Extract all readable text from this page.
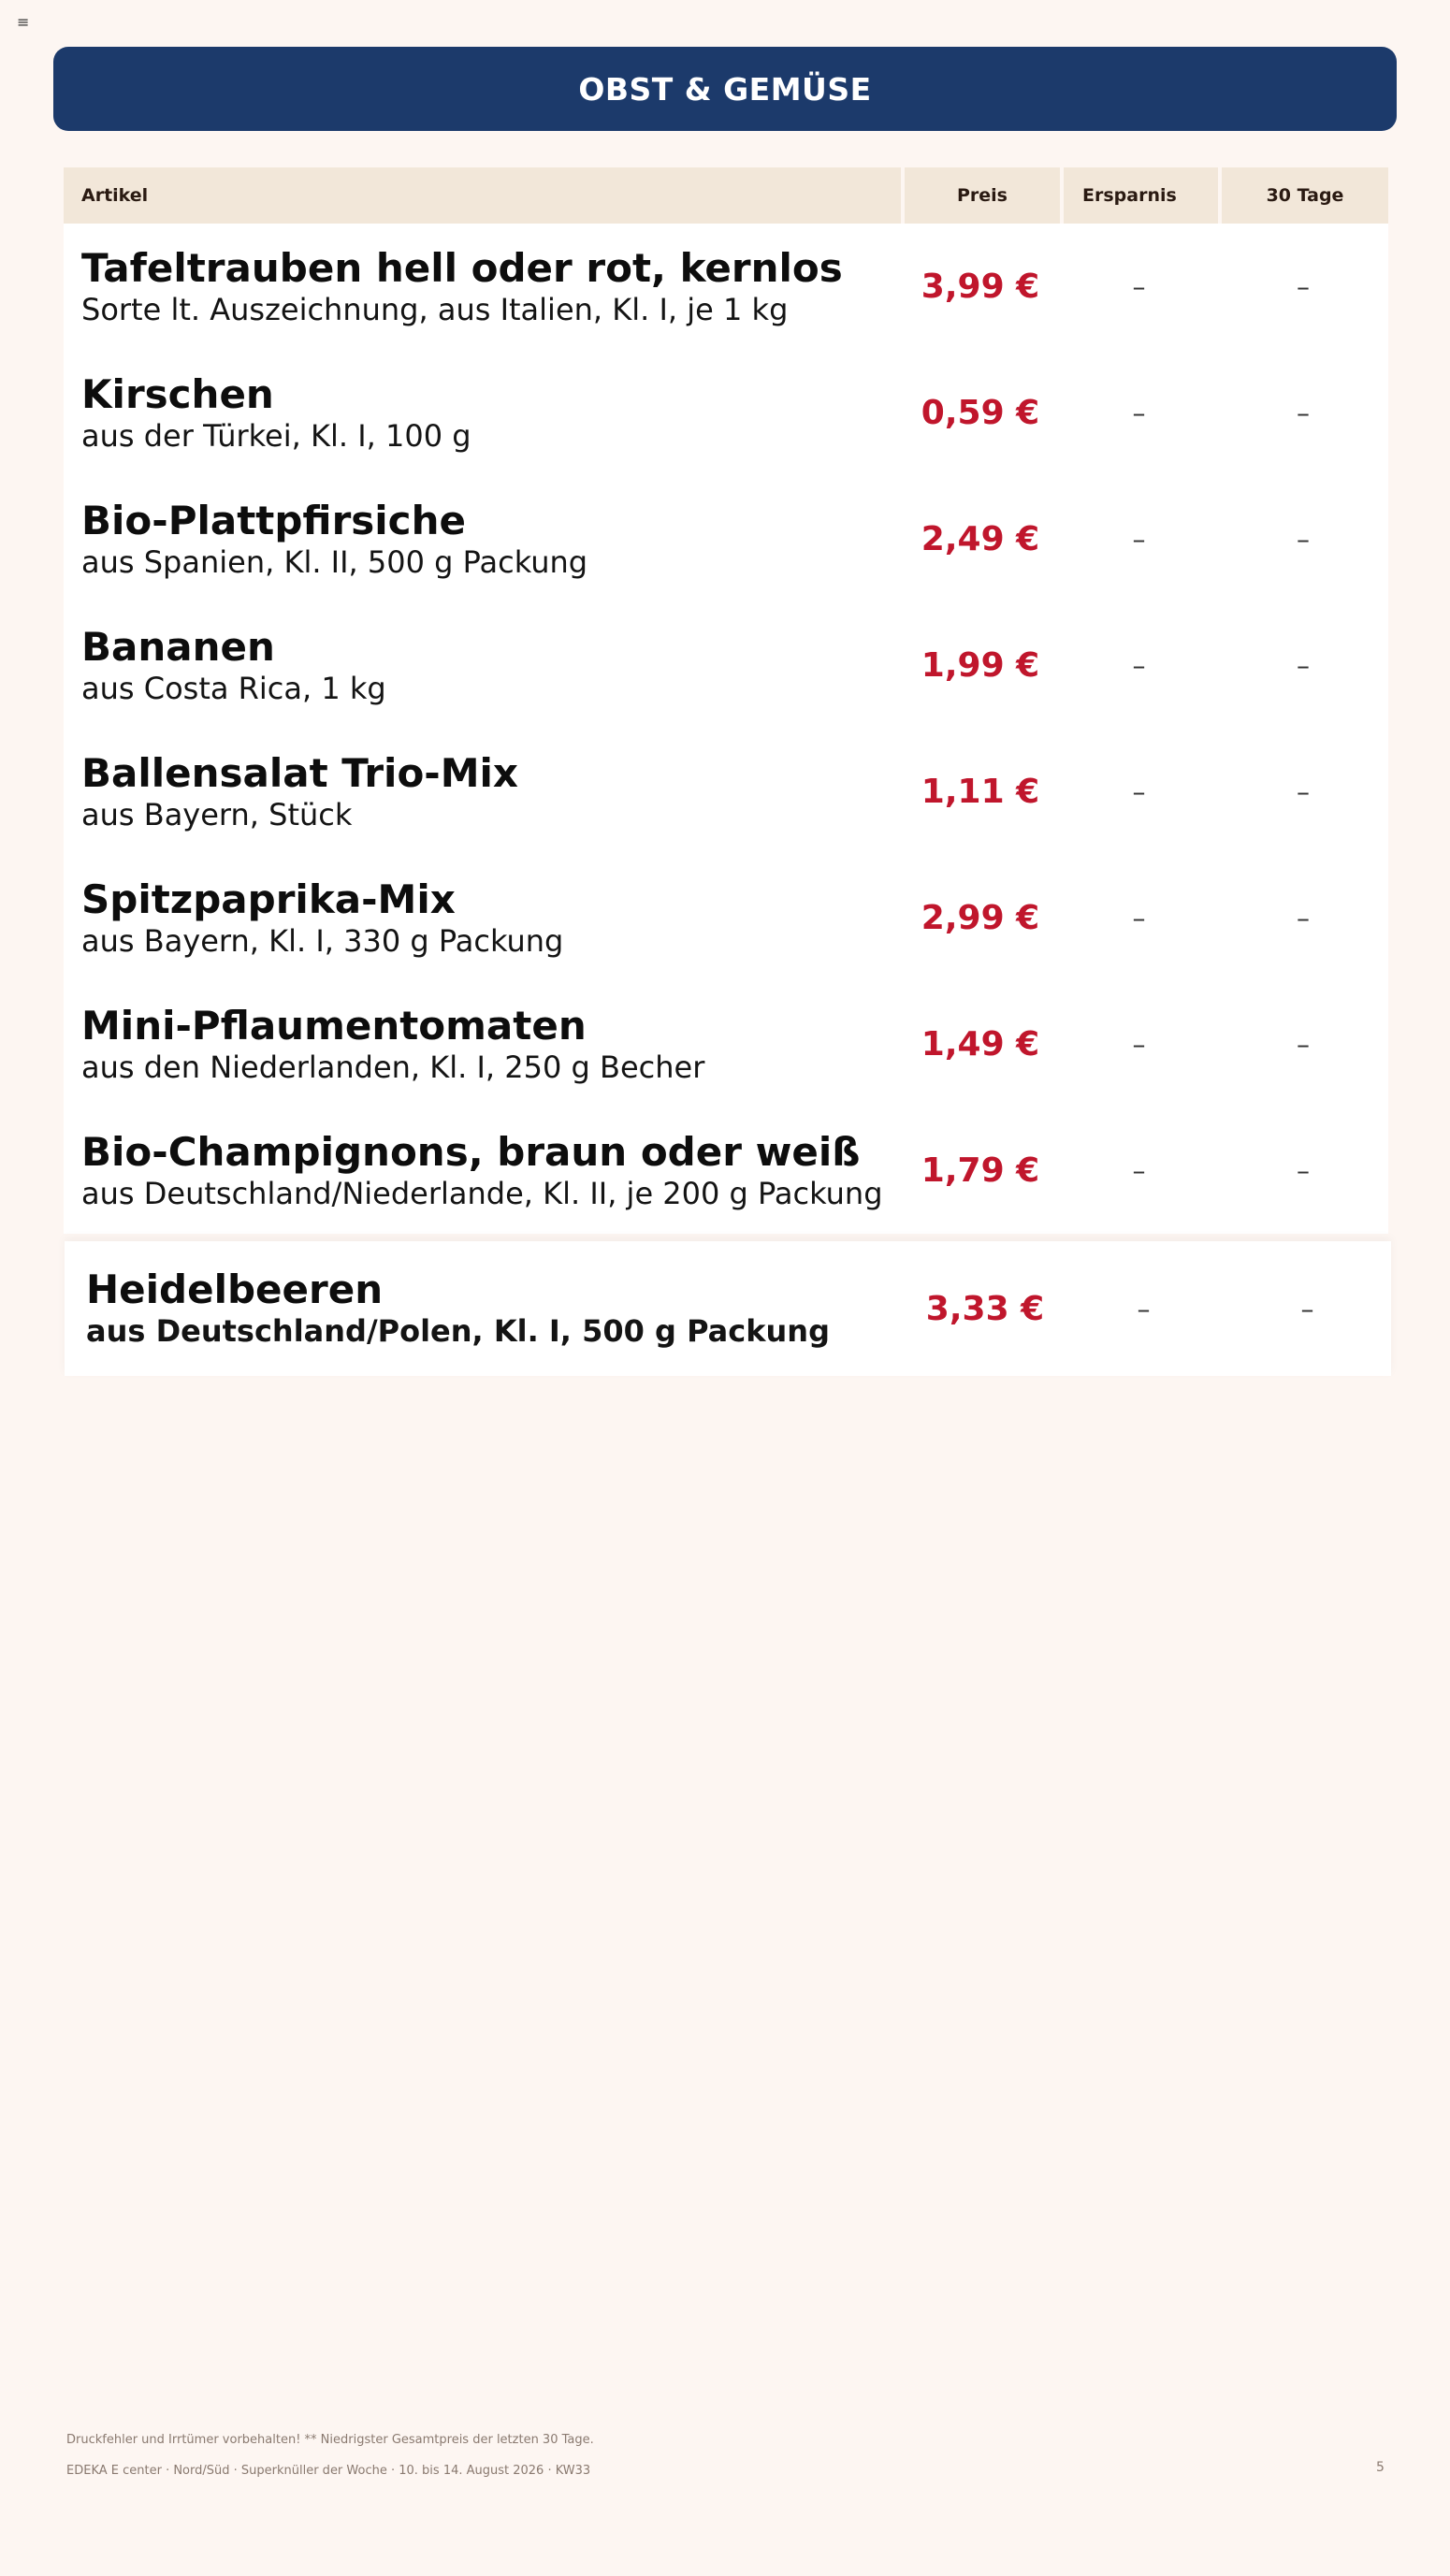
≡
OBST & GEMÜSE
Artikel	Preis	Ersparnis	30 Tage
Tafeltrauben hell oder rot, kernlos
Sorte lt. Auszeichnung, aus Italien, Kl. I, je 1 kg
3,99 €	–	–
Kirschen
aus der Türkei, Kl. I, 100 g
0,59 €	–	–
Bio-Plattpfirsiche
aus Spanien, Kl. II, 500 g Packung
2,49 €	–	–
Bananen
aus Costa Rica, 1 kg
1,99 €	–	–
Ballensalat Trio-Mix
aus Bayern, Stück
1,11 €	–	–
Spitzpaprika-Mix
aus Bayern, Kl. I, 330 g Packung
2,99 €	–	–
Mini-Pflaumentomaten
aus den Niederlanden, Kl. I, 250 g Becher
1,49 €	–	–
Bio-Champignons, braun oder weiß
aus Deutschland/Niederlande, Kl. II, je 200 g Packung
1,79 €	–	–
Heidelbeeren
aus Deutschland/Polen, Kl. I, 500 g Packung
3,33 €	–	–
Druckfehler und Irrtümer vorbehalten! ** Niedrigster Gesamtpreis der letzten 30 Tage.
EDEKA E center · Nord/Süd · Superknüller der Woche · 10. bis 14. August 2026 · KW33	5
